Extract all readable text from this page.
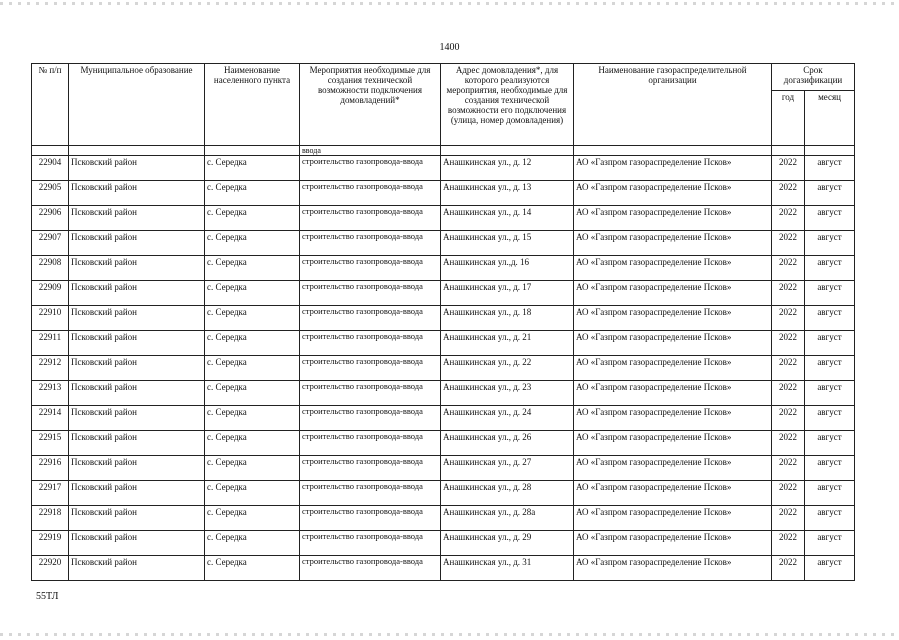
1400
№ п/п	Муниципальное образование	Наименование населенного пункта	Мероприятия необходимые для создания технической возможности подключения домовладений*	Адрес домовладения*, для которого реализуются мероприятия, необходимые для создания технической возможности его подключения (улица, номер домовладения)	Наименование газораспределительной организации	Срок догазификации	
						год	месяц
			ввода				
22904	Псковский район	с. Середка	строительство газопровода-ввода	Анашкинская ул., д. 12	АО «Газпром газораспределение Псков»	2022	август
22905	Псковский район	с. Середка	строительство газопровода-ввода	Анашкинская ул., д. 13	АО «Газпром газораспределение Псков»	2022	август
22906	Псковский район	с. Середка	строительство газопровода-ввода	Анашкинская ул., д. 14	АО «Газпром газораспределение Псков»	2022	август
22907	Псковский район	с. Середка	строительство газопровода-ввода	Анашкинская ул., д. 15	АО «Газпром газораспределение Псков»	2022	август
22908	Псковский район	с. Середка	строительство газопровода-ввода	Анашкинская ул.,д. 16	АО «Газпром газораспределение Псков»	2022	август
22909	Псковский район	с. Середка	строительство газопровода-ввода	Анашкинская ул., д. 17	АО «Газпром газораспределение Псков»	2022	август
22910	Псковский район	с. Середка	строительство газопровода-ввода	Анашкинская ул., д. 18	АО «Газпром газораспределение Псков»	2022	август
22911	Псковский район	с. Середка	строительство газопровода-ввода	Анашкинская ул., д. 21	АО «Газпром газораспределение Псков»	2022	август
22912	Псковский район	с. Середка	строительство газопровода-ввода	Анашкинская ул., д. 22	АО «Газпром газораспределение Псков»	2022	август
22913	Псковский район	с. Середка	строительство газопровода-ввода	Анашкинская ул., д. 23	АО «Газпром газораспределение Псков»	2022	август
22914	Псковский район	с. Середка	строительство газопровода-ввода	Анашкинская ул., д. 24	АО «Газпром газораспределение Псков»	2022	август
22915	Псковский район	с. Середка	строительство газопровода-ввода	Анашкинская ул., д. 26	АО «Газпром газораспределение Псков»	2022	август
22916	Псковский район	с. Середка	строительство газопровода-ввода	Анашкинская ул., д. 27	АО «Газпром газораспределение Псков»	2022	август
22917	Псковский район	с. Середка	строительство газопровода-ввода	Анашкинская ул., д. 28	АО «Газпром газораспределение Псков»	2022	август
22918	Псковский район	с. Середка	строительство газопровода-ввода	Анашкинская ул., д. 28а	АО «Газпром газораспределение Псков»	2022	август
22919	Псковский район	с. Середка	строительство газопровода-ввода	Анашкинская ул., д. 29	АО «Газпром газораспределение Псков»	2022	август
22920	Псковский район	с. Середка	строительство газопровода-ввода	Анашкинская ул., д. 31	АО «Газпром газораспределение Псков»	2022	август
55ТЛ
